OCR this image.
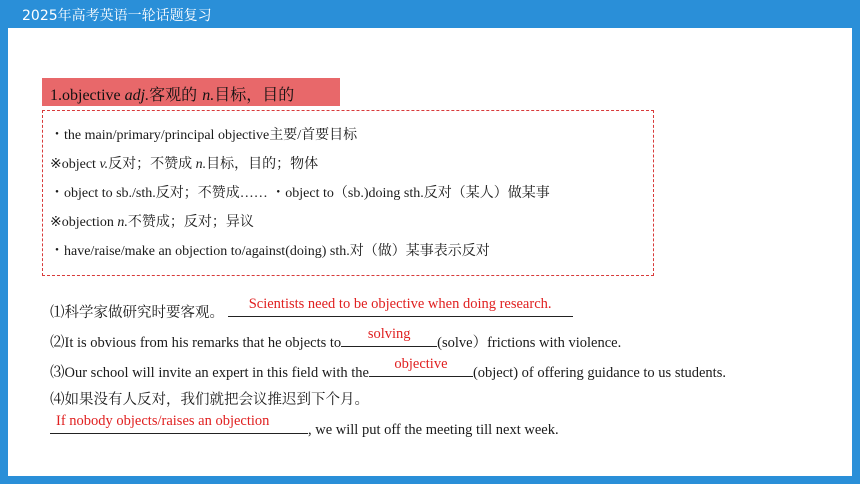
2025年高考英语一轮话题复习
1.objective adj.客观的 n.目标，目的
・the main/primary/principal objective主要/首要目标
※object v.反对；不赞成 n.目标，目的；物体
・object to sb./sth.反对；不赞成…… ・object to（sb.)doing sth.反对（某人）做某事
※objection n.不赞成；反对；异议
・have/raise/make an objection to/against(doing) sth.对（做）某事表示反对
⑴科学家做研究时要客观。
Scientists need to be objective when doing research.
⑵It is obvious from his remarks that he objects to
solving
(solve）frictions with violence.
⑶Our school will invite an expert in this field with the
objective
(object) of offering guidance to us students.
⑷如果没有人反对，我们就把会议推迟到下个月。
If nobody objects/raises an objection
, we will put off the meeting till next week.
